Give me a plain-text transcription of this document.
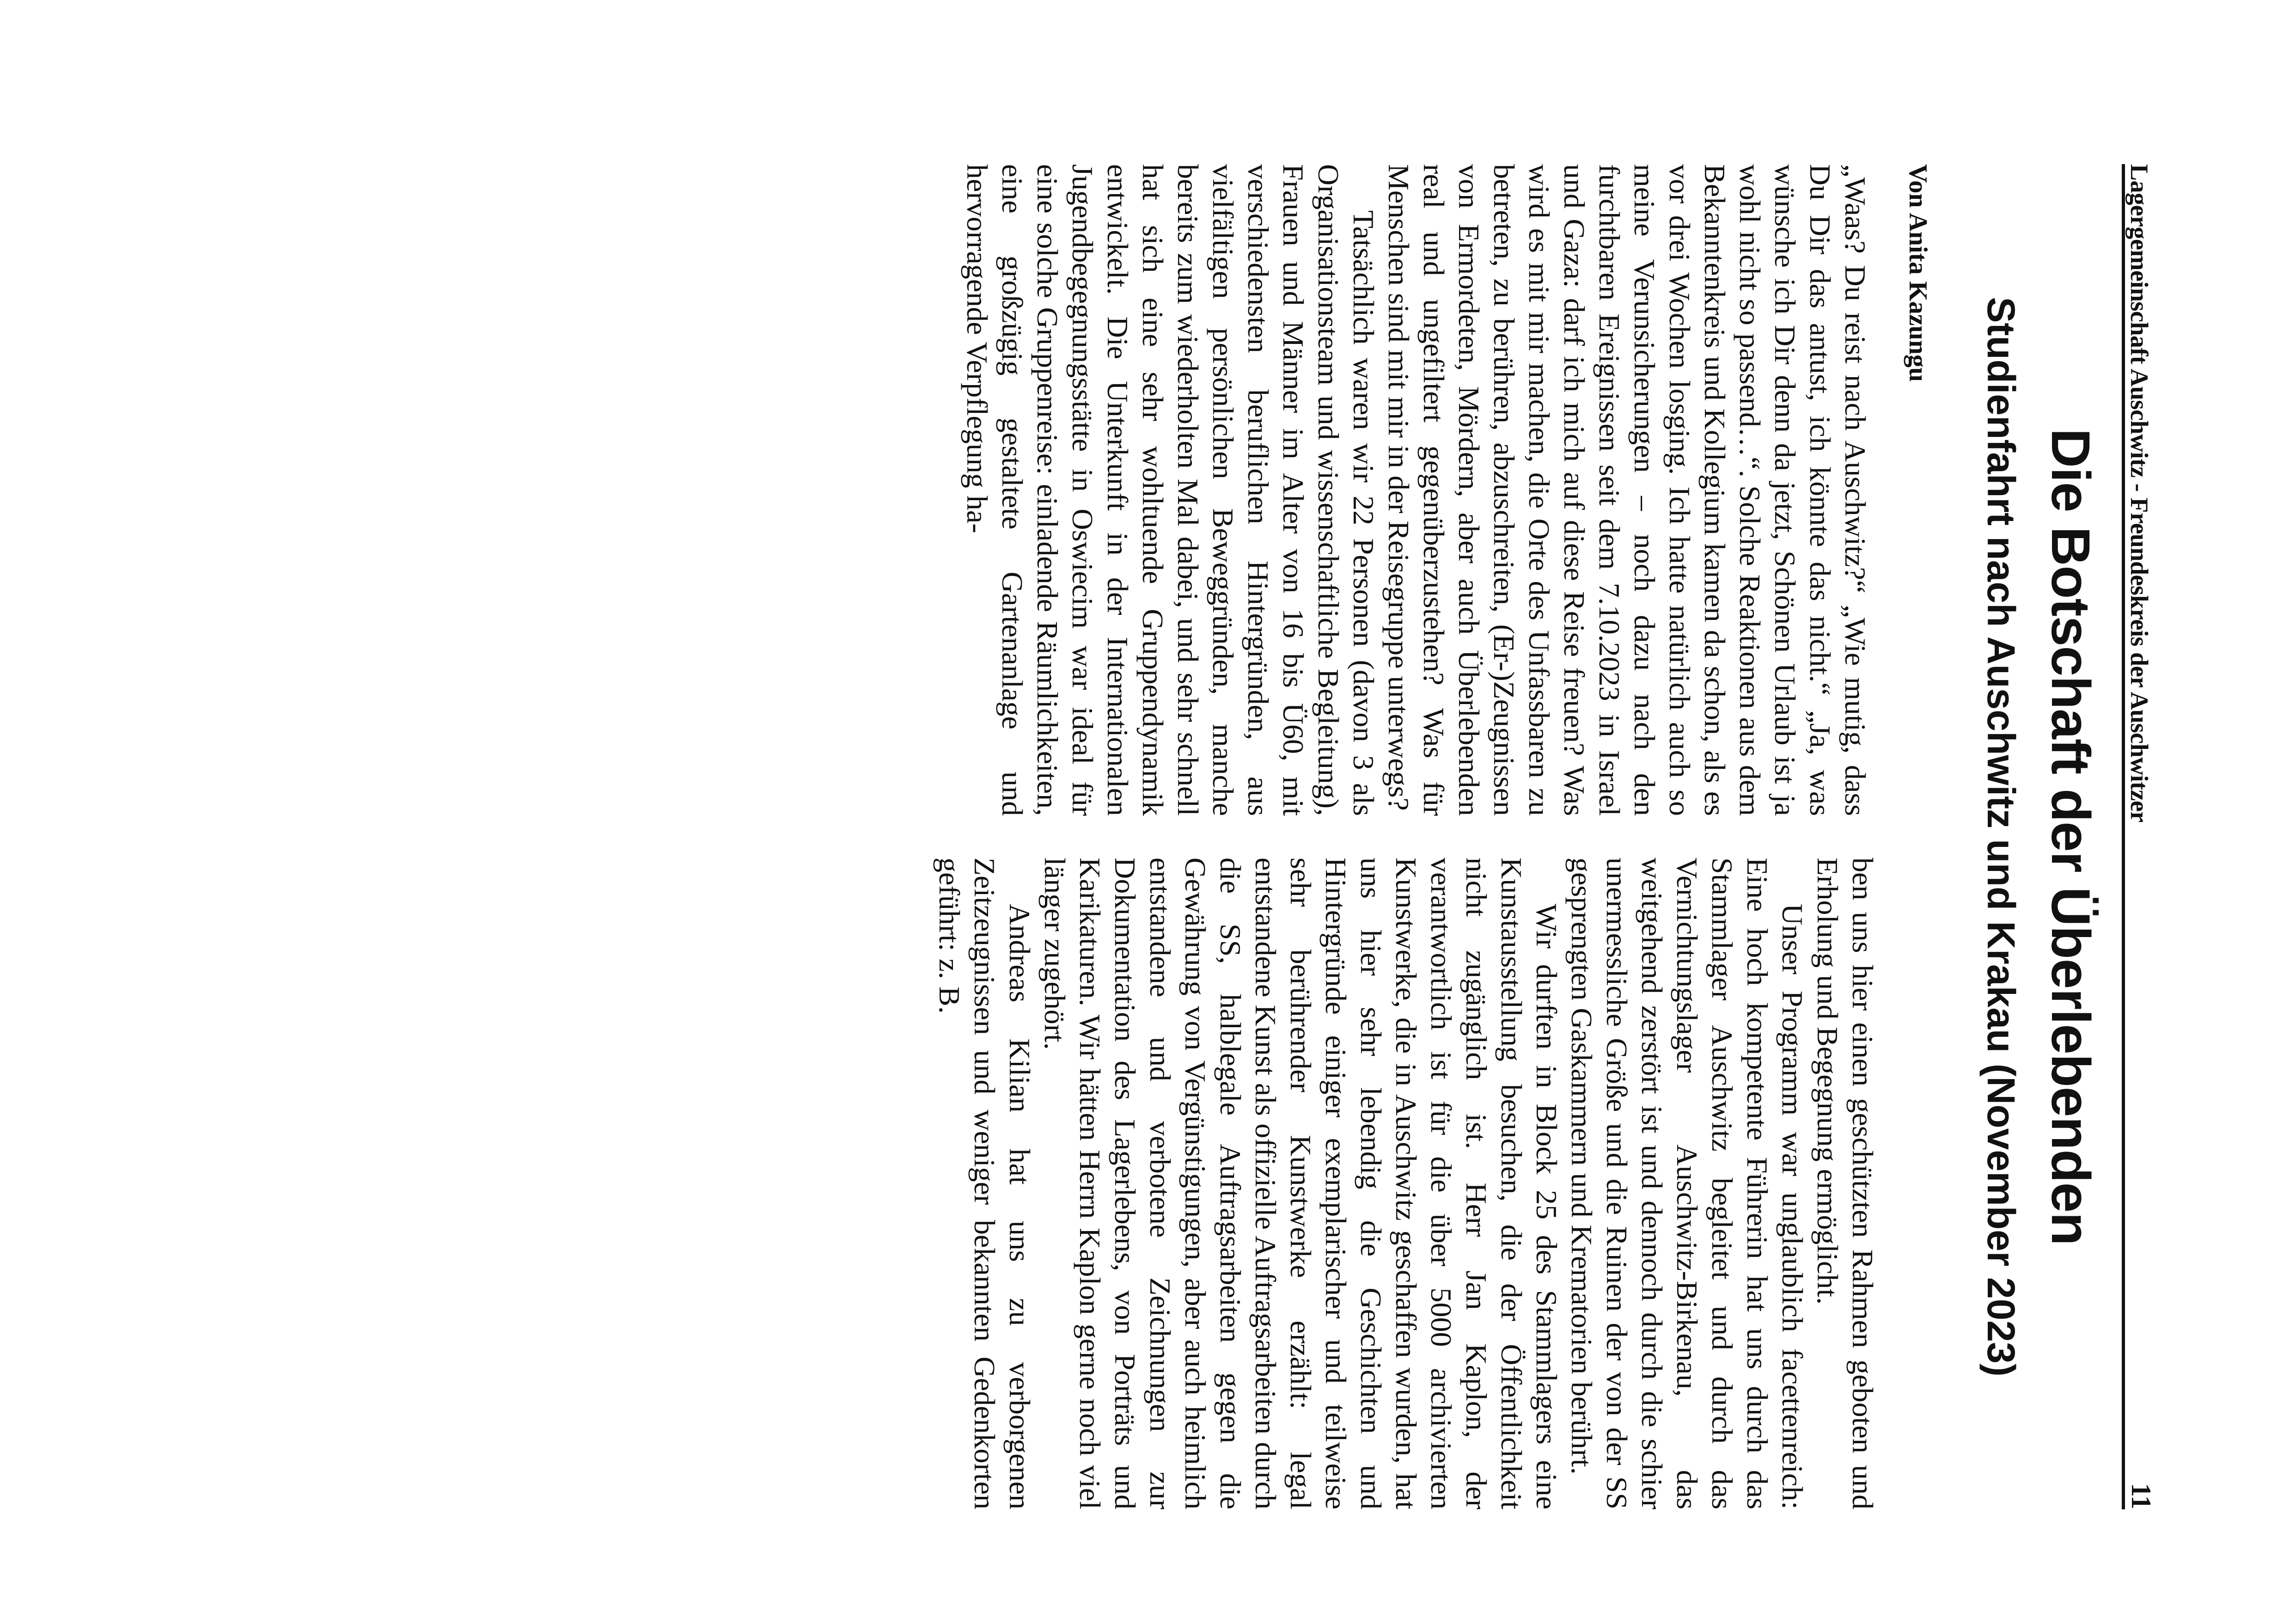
Lagergemeinschaft Auschwitz - Freundeskreis der Auschwitzer
11
Die Botschaft der Überlebenden
Studienfahrt nach Auschwitz und Krakau (November 2023)
Von Anita Kazungu

„Waas? Du reist nach Auschwitz?“ „Wie mutig, dass Du Dir das antust, ich könnte das nicht.“ „Ja, was wünsche ich Dir denn da jetzt, Schönen Urlaub ist ja wohl nicht so passend…“. Solche Reaktionen aus dem Bekanntenkreis und Kollegium kamen da schon, als es vor drei Wochen losging. Ich hatte natürlich auch so meine Verunsicherungen – noch dazu nach den furchtbaren Ereignissen seit dem 7.10.2023 in Israel und Gaza: darf ich mich auf diese Reise freuen? Was wird es mit mir machen, die Orte des Unfassbaren zu betreten, zu berühren, abzuschreiten, (Er-)Zeugnissen von Ermordeten, Mördern, aber auch Überlebenden real und ungefiltert gegenüberzustehen? Was für Menschen sind mit mir in der Reisegruppe unterwegs?

Tatsächlich waren wir 22 Personen (davon 3 als Organisationsteam und wissenschaftliche Begleitung), Frauen und Männer im Alter von 16 bis Ü60, mit verschiedensten beruflichen Hintergründen, aus vielfältigen persönlichen Beweggründen, manche bereits zum wiederholten Mal dabei, und sehr schnell hat sich eine sehr wohltuende Gruppendynamik entwickelt. Die Unterkunft in der Internationalen Jugendbegegnungsstätte in Oswiecim war ideal für eine solche Gruppenreise: einladende Räumlichkeiten, eine großzügig gestaltete Gartenanlage und hervorragende Verpflegung ha-

ben uns hier einen geschützten Rahmen geboten und Erholung und Begegnung ermöglicht.

Unser Programm war unglaublich facettenreich: Eine hoch kompetente Führerin hat uns durch das Stammlager Auschwitz begleitet und durch das Vernichtungslager Auschwitz-Birkenau, das weitgehend zerstört ist und dennoch durch die schier unermessliche Größe und die Ruinen der von der SS gesprengten Gaskammern und Krematorien berührt.

Wir durften in Block 25 des Stammlagers eine Kunstausstellung besuchen, die der Öffentlichkeit nicht zugänglich ist. Herr Jan Kaplon, der verantwortlich ist für die über 5000 archivierten Kunstwerke, die in Auschwitz geschaffen wurden, hat uns hier sehr lebendig die Geschichten und Hintergründe einiger exemplarischer und teilweise sehr berührender Kunstwerke erzählt: legal entstandene Kunst als offizielle Auftragsarbeiten durch die SS, halblegale Auftragsarbeiten gegen die Gewährung von Vergünstigungen, aber auch heimlich entstandene und verbotene Zeichnungen zur Dokumentation des Lagerlebens, von Porträts und Karikaturen. Wir hätten Herrn Kaplon gerne noch viel länger zugehört.

Andreas Kilian hat uns zu verborgenen Zeitzeugnissen und weniger bekannten Gedenkorten geführt: z. B.
